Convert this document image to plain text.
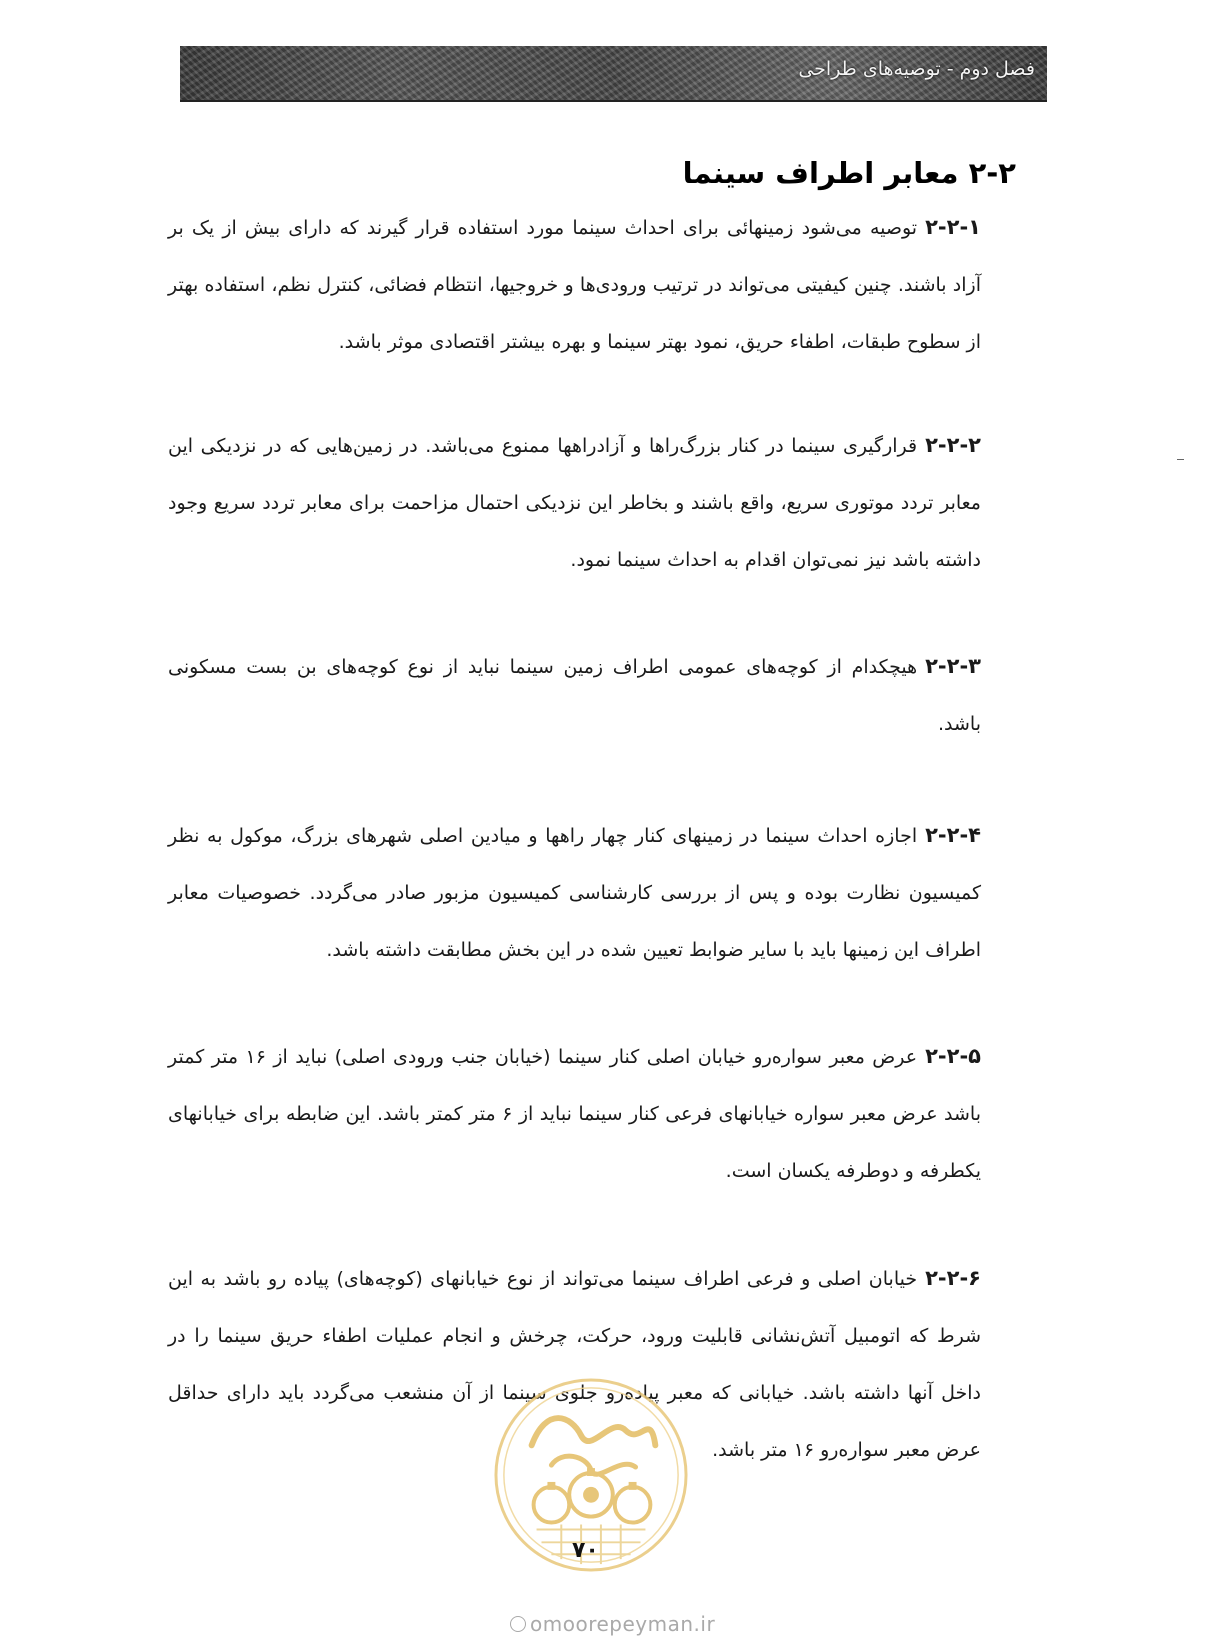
فصل دوم - توصیه‌های طراحی
۲-۲ معابر اطراف سینما

۲-۲-۱توصیه می‌شود زمینهائی برای احداث سینما مورد استفاده قرار گیرند که دارای بیش از یک بر آزاد باشند. چنین کیفیتی می‌تواند در ترتیب ورودی‌ها و خروجیها، انتظام فضائی، کنترل نظم، استفاده بهتر از سطوح طبقات، اطفاء حریق، نمود بهتر سینما و بهره بیشتر اقتصادی موثر باشد.

۲-۲-۲قرارگیری سینما در کنار بزرگ‌راها و آزادراهها ممنوع می‌باشد. در زمین‌هایی که در نزدیکی این معابر تردد موتوری سریع، واقع باشند و بخاطر این نزدیکی احتمال مزاحمت برای معابر تردد سریع وجود داشته باشد نیز نمی‌توان اقدام به احداث سینما نمود.

۲-۲-۳هیچکدام از کوچه‌های عمومی اطراف زمین سینما نباید از نوع کوچه‌های بن بست مسکونی باشد.

۲-۲-۴اجازه احداث سینما در زمینهای کنار چهار راهها و میادین اصلی شهرهای بزرگ، موکول به نظر کمیسیون نظارت بوده و پس از بررسی کارشناسی کمیسیون مزبور صادر می‌گردد. خصوصیات معابر اطراف این زمینها باید با سایر ضوابط تعیین شده در این بخش مطابقت داشته باشد.

۲-۲-۵عرض معبر سواره‌رو خیابان اصلی کنار سینما (خیابان جنب ورودی اصلی) نباید از ۱۶ متر کمتر باشد عرض معبر سواره خیابانهای فرعی کنار سینما نباید از ۶ متر کمتر باشد. این ضابطه برای خیابانهای یکطرفه و دوطرفه یکسان است.

۲-۲-۶خیابان اصلی و فرعی اطراف سینما می‌تواند از نوع خیابانهای (کوچه‌های) پیاده رو باشد به این شرط که اتومبیل آتش‌نشانی قابلیت ورود، حرکت، چرخش و انجام عملیات اطفاء حریق سینما را در داخل آنها داشته باشد. خیابانی که معبر پیاده‌رو جلوی سینما از آن منشعب می‌گردد باید دارای حداقل عرض معبر سواره‌رو ۱۶ متر باشد.

۷۰
omoorepeyman.ir
